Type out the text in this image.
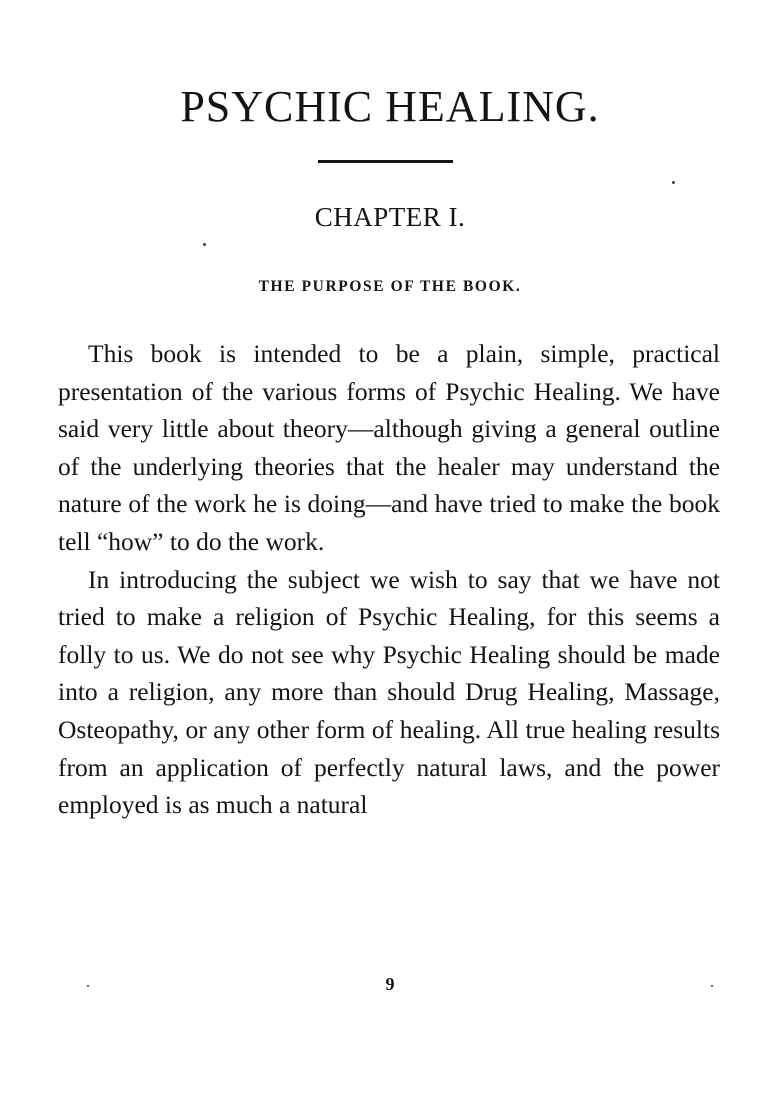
PSYCHIC HEALING.
CHAPTER I.
THE PURPOSE OF THE BOOK.

This book is intended to be a plain, simple, practical presentation of the various forms of Psychic Healing. We have said very little about theory—although giving a general outline of the underlying theories that the healer may understand the nature of the work he is doing—and have tried to make the book tell “how” to do the work.

In introducing the subject we wish to say that we have not tried to make a religion of Psychic Healing, for this seems a folly to us. We do not see why Psychic Healing should be made into a religion, any more than should Drug Healing, Massage, Osteopathy, or any other form of healing. All true healing results from an application of perfectly natural laws, and the power employed is as much a natural

9
